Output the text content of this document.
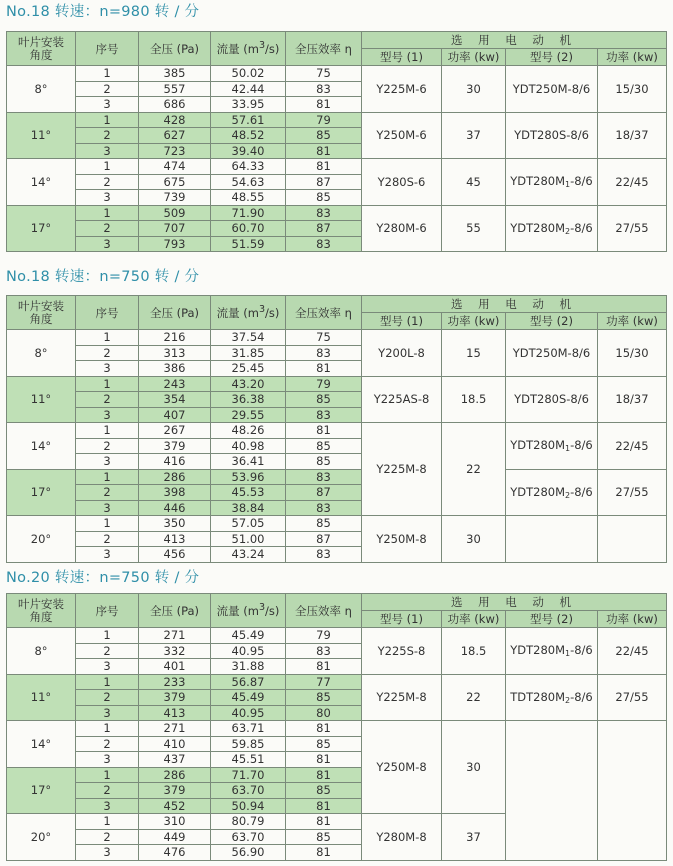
No.18 转速：n=980 转 / 分
叶片安装
角度	序号	全压 (Pa)	流量 $(m^3/s)$	全压效率 η	选 用 电 动 机			
					型号 (1)	功率 (kw)	型号 (2)	功率 (kw)
8°	1	385	50.02	75	Y225M-6	30	YDT250M-8/6	15/30
	2	557	42.44	83				
	3	686	33.95	81				
11°	1	428	57.61	79	Y250M-6	37	YDT280S-8/6	18/37
	2	627	48.52	85				
	3	723	39.40	81				
14°	1	474	64.33	81	Y280S-6	45	$YDT280M_1-8/6$	22/45
	2	675	54.63	87				
	3	739	48.55	85				
17°	1	509	71.90	83	Y280M-6	55	$YDT280M_2-8/6$	27/55
	2	707	60.70	87				
	3	793	51.59	83				
No.18 转速：n=750 转 / 分
叶片安装
角度	序号	全压 (Pa)	流量 $(m^3/s)$	全压效率 η	选 用 电 动 机			
					型号 (1)	功率 (kw)	型号 (2)	功率 (kw)
8°	1	216	37.54	75	Y200L-8	15	YDT250M-8/6	15/30
	2	313	31.85	83				
	3	386	25.45	81				
11°	1	243	43.20	79	Y225AS-8	18.5	YDT280S-8/6	18/37
	2	354	36.38	85				
	3	407	29.55	83				
14°	1	267	48.26	81	Y225M-8	22	$YDT280M_1-8/6$	22/45
	2	379	40.98	85				
	3	416	36.41	85				
17°	1	286	53.96	83			$YDT280M_2-8/6$	27/55
	2	398	45.53	87				
	3	446	38.84	83				
20°	1	350	57.05	85	Y250M-8	30		
	2	413	51.00	87				
	3	456	43.24	83				
No.20 转速：n=750 转 / 分
叶片安装
角度	序号	全压 (Pa)	流量 $(m^3/s)$	全压效率 η	选 用 电 动 机			
					型号 (1)	功率 (kw)	型号 (2)	功率 (kw)
8°	1	271	45.49	79	Y225S-8	18.5	$YDT280M_1-8/6$	22/45
	2	332	40.95	83				
	3	401	31.88	81				
11°	1	233	56.87	77	Y225M-8	22	$TDT280M_2-8/6$	27/55
	2	379	45.49	85				
	3	413	40.95	80				
14°	1	271	63.71	81	Y250M-8	30		
	2	410	59.85	85				
	3	437	45.51	81				
17°	1	286	71.70	81				
	2	379	63.70	85				
	3	452	50.94	81				
20°	1	310	80.79	81	Y280M-8	37		
	2	449	63.70	85				
	3	476	56.90	81				
